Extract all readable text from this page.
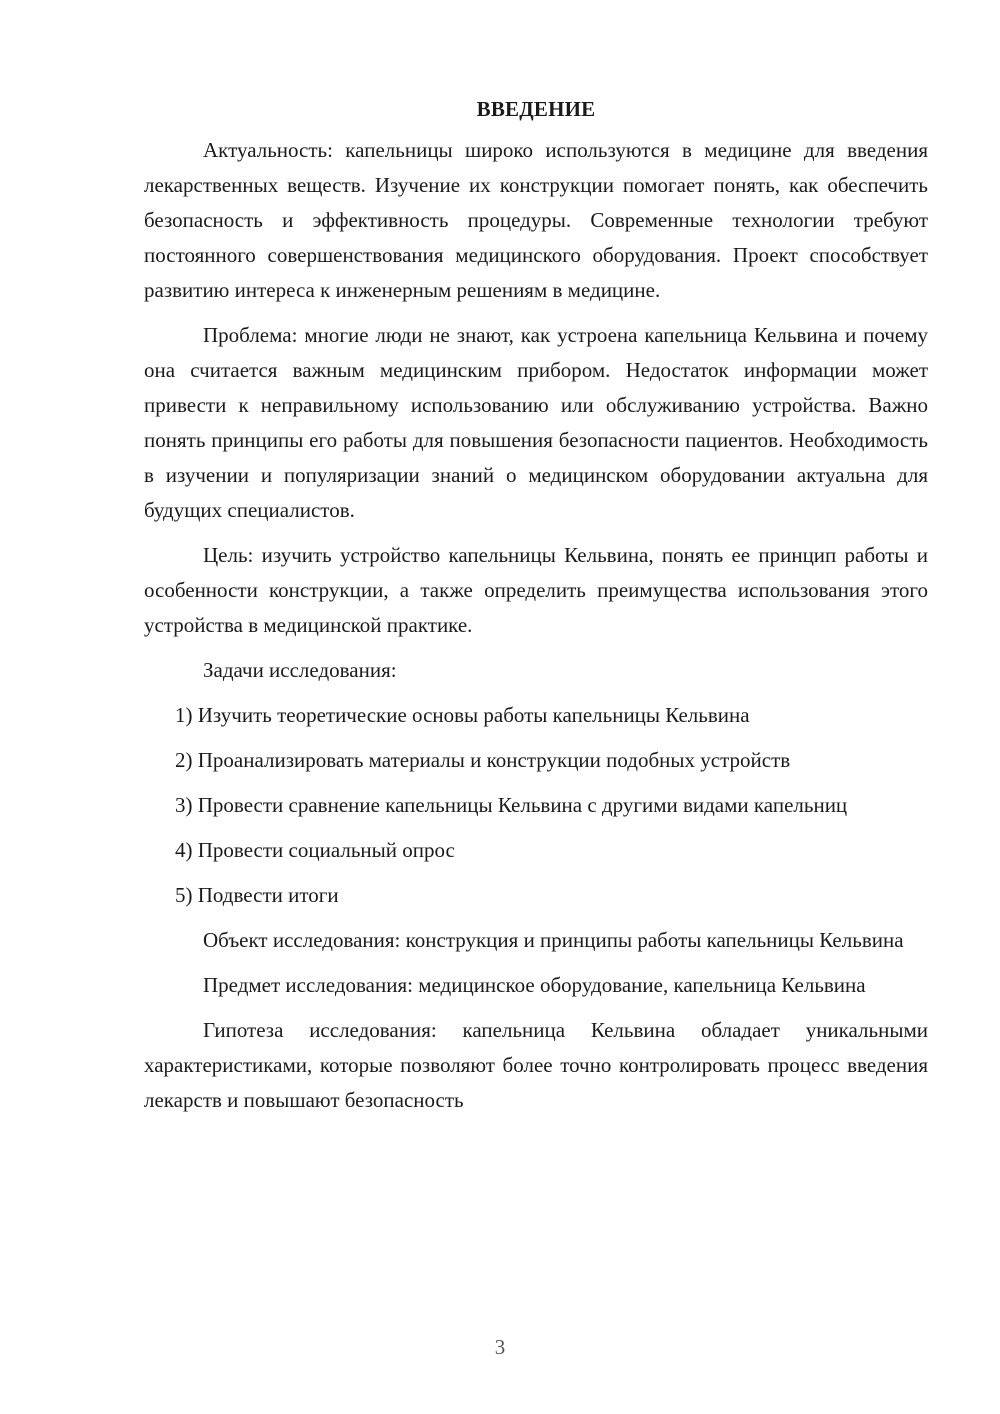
ВВЕДЕНИЕ

Актуальность: капельницы широко используются в медицине для введения лекарственных веществ. Изучение их конструкции помогает понять, как обеспечить безопасность и эффективность процедуры. Современные технологии требуют постоянного совершенствования медицинского оборудования. Проект способствует развитию интереса к инженерным решениям в медицине.

Проблема: многие люди не знают, как устроена капельница Кельвина и почему она считается важным медицинским прибором. Недостаток информации может привести к неправильному использованию или обслуживанию устройства. Важно понять принципы его работы для повышения безопасности пациентов. Необходимость в изучении и популяризации знаний о медицинском оборудовании актуальна для будущих специалистов.

Цель: изучить устройство капельницы Кельвина, понять ее принцип работы и особенности конструкции, а также определить преимущества использования этого устройства в медицинской практике.

Задачи исследования:

1) Изучить теоретические основы работы капельницы Кельвина

2) Проанализировать материалы и конструкции подобных устройств

3) Провести сравнение капельницы Кельвина с другими видами капельниц

4) Провести социальный опрос

5) Подвести итоги

Объект исследования: конструкция и принципы работы капельницы Кельвина

Предмет исследования: медицинское оборудование, капельница Кельвина

Гипотеза исследования: капельница Кельвина обладает уникальными характеристиками, которые позволяют более точно контролировать процесс введения лекарств и повышают безопасность

3
